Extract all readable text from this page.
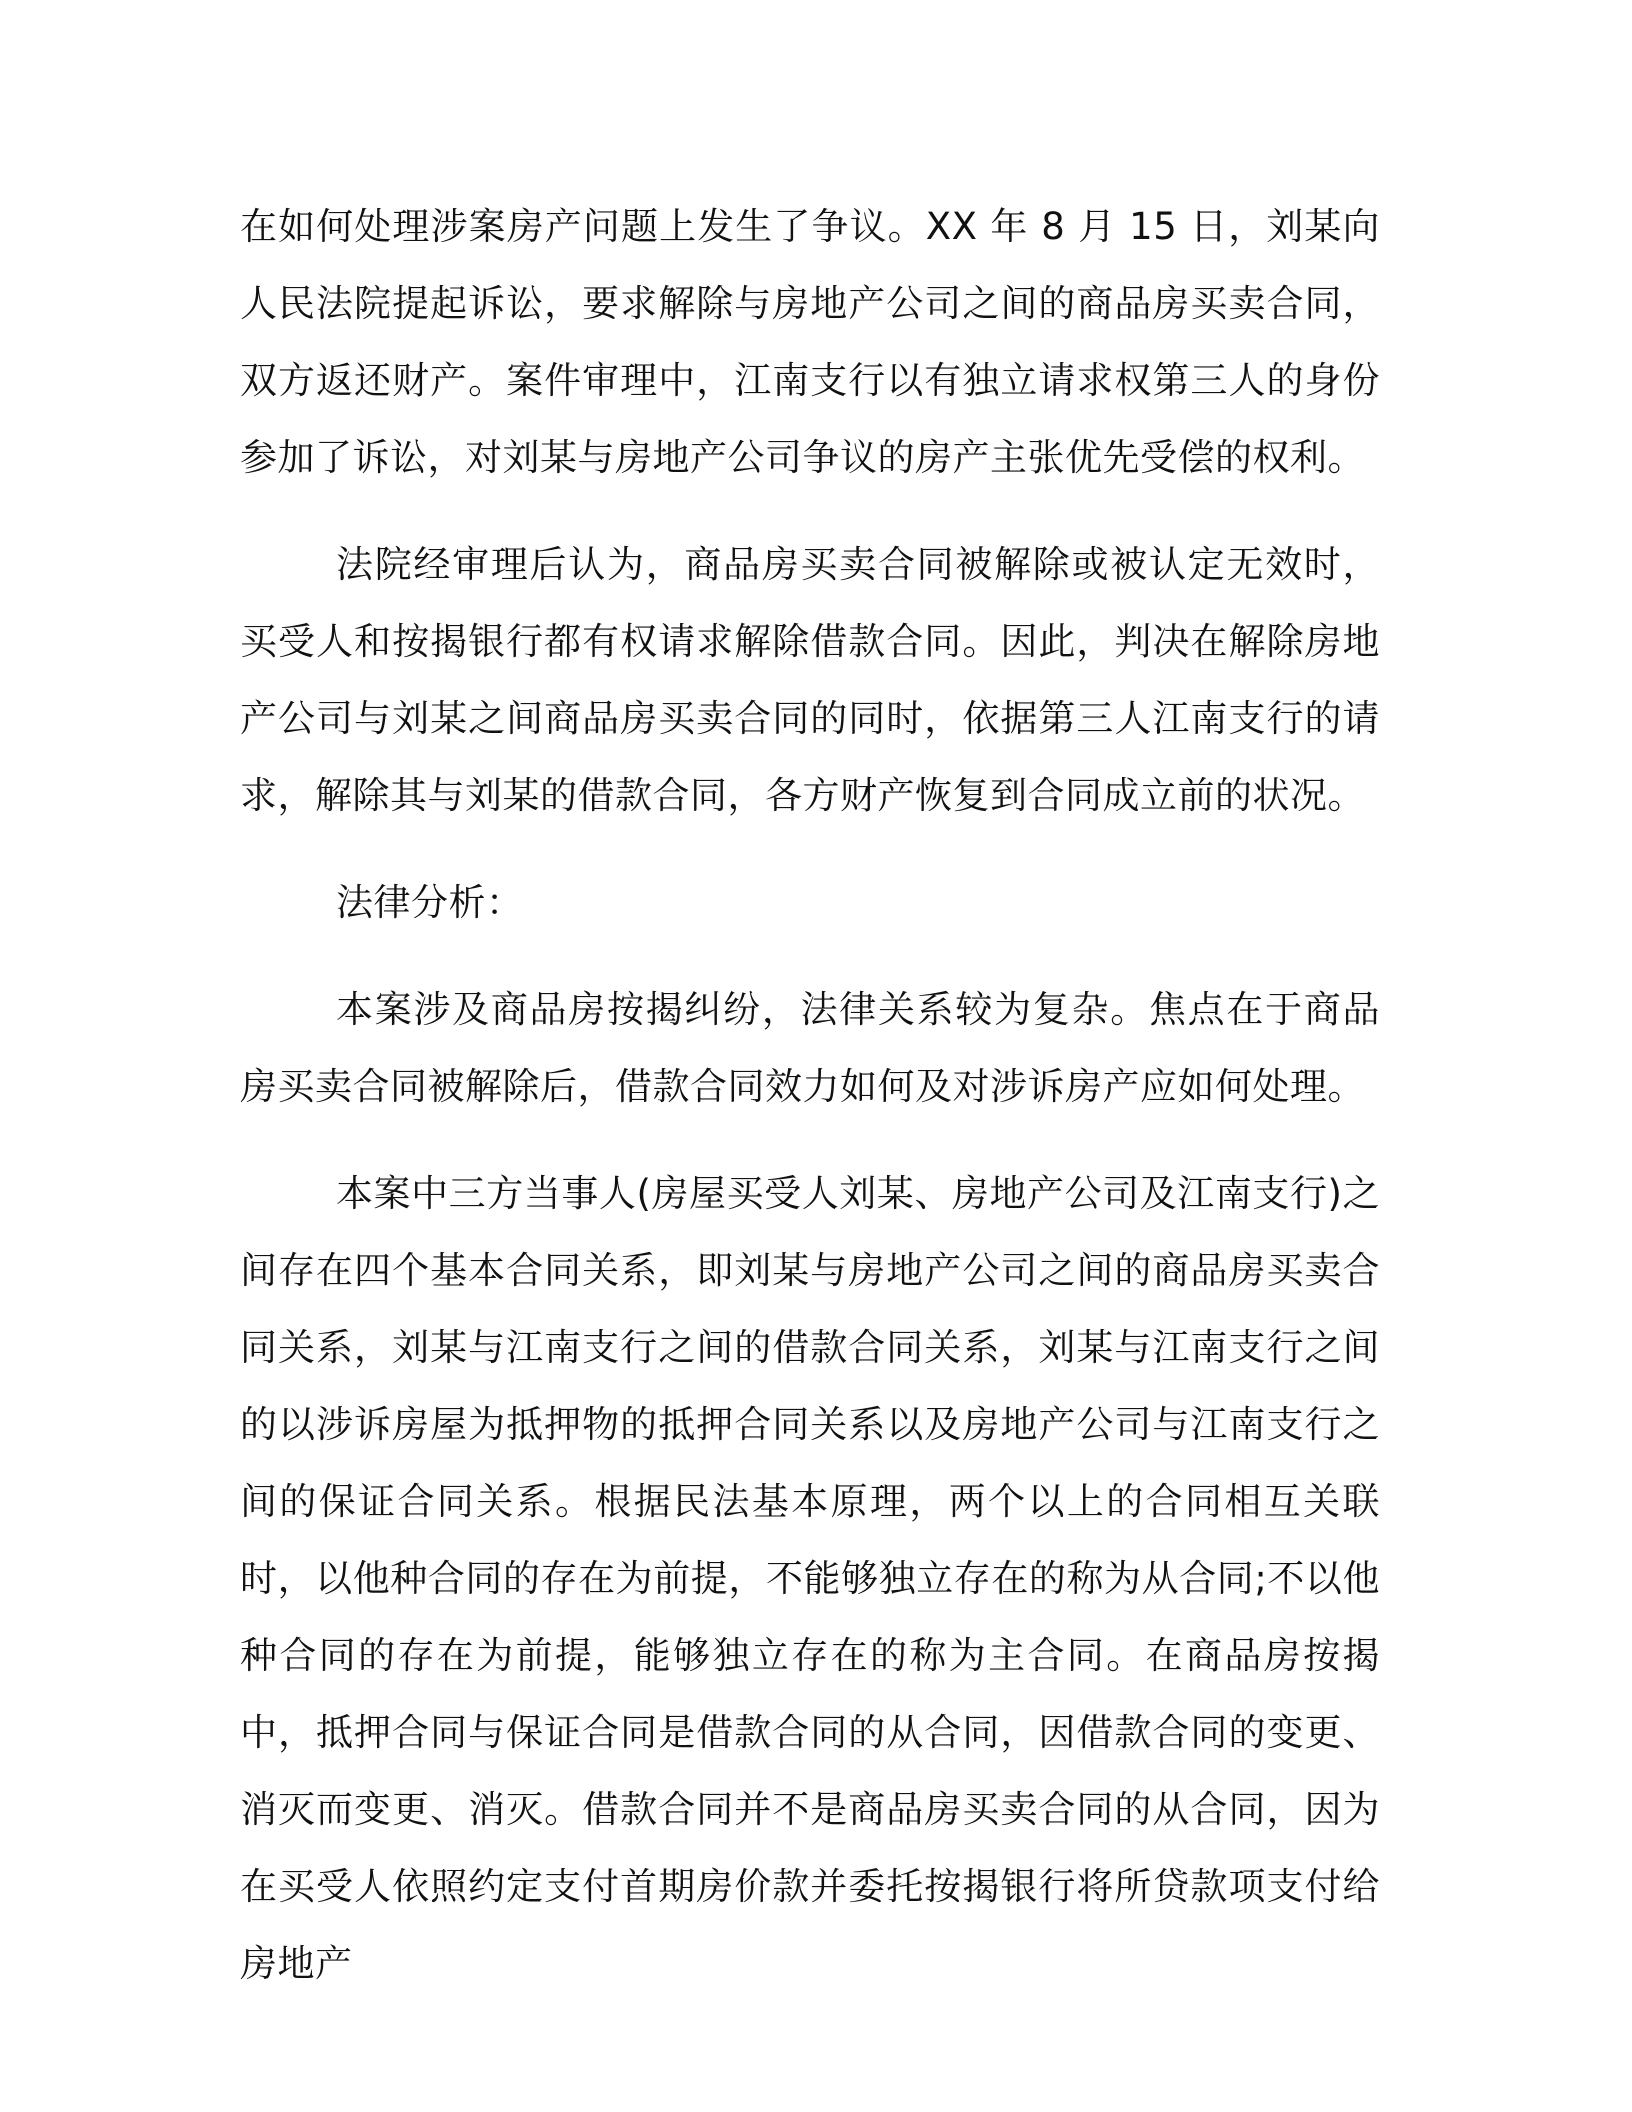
在如何处理涉案房产问题上发生了争议。XX 年 8 月 15 日，刘某向人民法院提起诉讼，要求解除与房地产公司之间的商品房买卖合同，双方返还财产。案件审理中，江南支行以有独立请求权第三人的身份参加了诉讼，对刘某与房地产公司争议的房产主张优先受偿的权利。

法院经审理后认为，商品房买卖合同被解除或被认定无效时，买受人和按揭银行都有权请求解除借款合同。因此，判决在解除房地产公司与刘某之间商品房买卖合同的同时，依据第三人江南支行的请求，解除其与刘某的借款合同，各方财产恢复到合同成立前的状况。

法律分析：

本案涉及商品房按揭纠纷，法律关系较为复杂。焦点在于商品房买卖合同被解除后，借款合同效力如何及对涉诉房产应如何处理。

本案中三方当事人(房屋买受人刘某、房地产公司及江南支行)之间存在四个基本合同关系，即刘某与房地产公司之间的商品房买卖合同关系，刘某与江南支行之间的借款合同关系，刘某与江南支行之间的以涉诉房屋为抵押物的抵押合同关系以及房地产公司与江南支行之间的保证合同关系。根据民法基本原理，两个以上的合同相互关联时，以他种合同的存在为前提，不能够独立存在的称为从合同;不以他种合同的存在为前提，能够独立存在的称为主合同。在商品房按揭中，抵押合同与保证合同是借款合同的从合同，因借款合同的变更、消灭而变更、消灭。借款合同并不是商品房买卖合同的从合同，因为在买受人依照约定支付首期房价款并委托按揭银行将所贷款项支付给房地产
